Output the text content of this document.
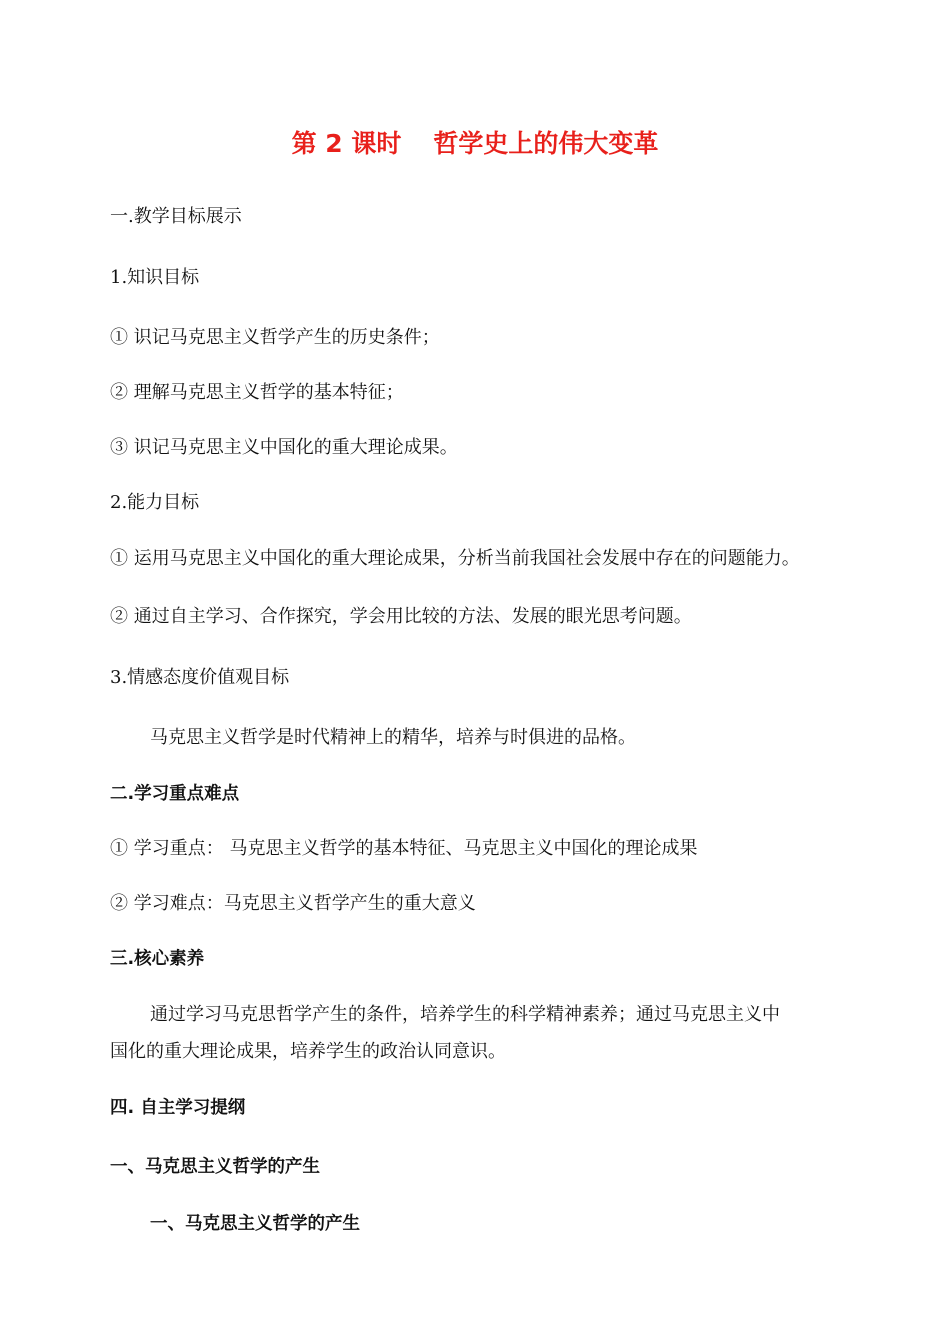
第 2 课时 哲学史上的伟大变革
一.教学目标展示
1.知识目标
① 识记马克思主义哲学产生的历史条件；
② 理解马克思主义哲学的基本特征；
③ 识记马克思主义中国化的重大理论成果。
2.能力目标
① 运用马克思主义中国化的重大理论成果，分析当前我国社会发展中存在的问题能力。
② 通过自主学习、合作探究，学会用比较的方法、发展的眼光思考问题。
3.情感态度价值观目标
马克思主义哲学是时代精神上的精华，培养与时俱进的品格。
二.学习重点难点
① 学习重点： 马克思主义哲学的基本特征、马克思主义中国化的理论成果
② 学习难点：马克思主义哲学产生的重大意义
三.核心素养
通过学习马克思哲学产生的条件，培养学生的科学精神素养；通过马克思主义中
国化的重大理论成果，培养学生的政治认同意识。
四. 自主学习提纲
一、马克思主义哲学的产生
一、马克思主义哲学的产生
